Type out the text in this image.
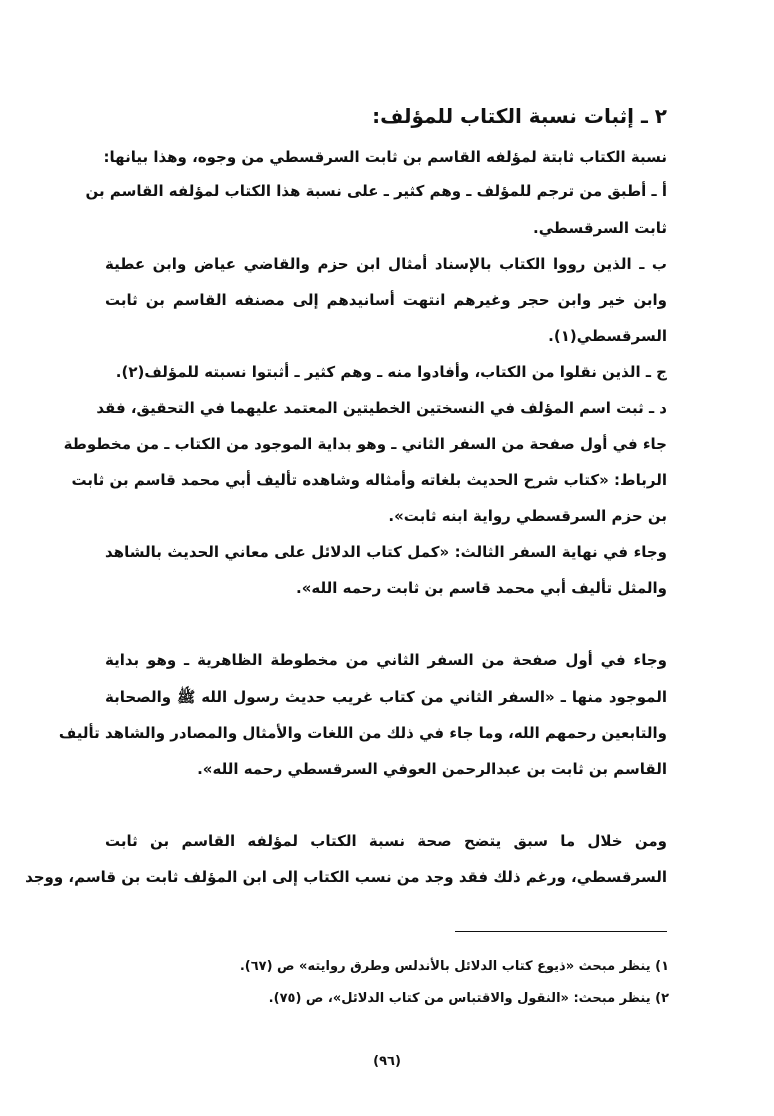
٢ ـ إثبات نسبة الكتاب للمؤلف:
نسبة الكتاب ثابتة لمؤلفه القاسم بن ثابت السرقسطي من وجوه، وهذا بيانها:
أ ـ أطبق من ترجم للمؤلف ـ وهم كثير ـ على نسبة هذا الكتاب لمؤلفه القاسم بن
ثابت السرقسطي.
ب ـ الذين رووا الكتاب بالإسناد أمثال ابن حزم والقاضي عياض وابن عطية
وابن خير وابن حجر وغيرهم انتهت أسانيدهم إلى مصنفه القاسم بن ثابت
السرقسطي(١).
ج ـ الذين نقلوا من الكتاب، وأفادوا منه ـ وهم كثير ـ أثبتوا نسبته للمؤلف(٢).
د ـ ثبت اسم المؤلف في النسختين الخطيتين المعتمد عليهما في التحقيق، فقد
جاء في أول صفحة من السفر الثاني ـ وهو بداية الموجود من الكتاب ـ من مخطوطة
الرباط: «كتاب شرح الحديث بلغاته وأمثاله وشاهده تأليف أبي محمد قاسم بن ثابت
بن حزم السرقسطي رواية ابنه ثابت».
وجاء في نهاية السفر الثالث: «كمل كتاب الدلائل على معاني الحديث بالشاهد
والمثل تأليف أبي محمد قاسم بن ثابت رحمه الله».
وجاء في أول صفحة من السفر الثاني من مخطوطة الظاهرية ـ وهو بداية
الموجود منها ـ «السفر الثاني من كتاب غريب حديث رسول الله ﷺ والصحابة
والتابعين رحمهم الله، وما جاء في ذلك من اللغات والأمثال والمصادر والشاهد تأليف
القاسم بن ثابت بن عبدالرحمن العوفي السرقسطي رحمه الله».
ومن خلال ما سبق يتضح صحة نسبة الكتاب لمؤلفه القاسم بن ثابت
السرقسطي، ورغم ذلك فقد وجد من نسب الكتاب إلى ابن المؤلف ثابت بن قاسم، ووجد
١) ينظر مبحث «ذيوع كتاب الدلائل بالأندلس وطرق روايته» ص (٦٧).
٢) ينظر مبحث: «النقول والاقتباس من كتاب الدلائل»، ص (٧٥).
(٩٦)
